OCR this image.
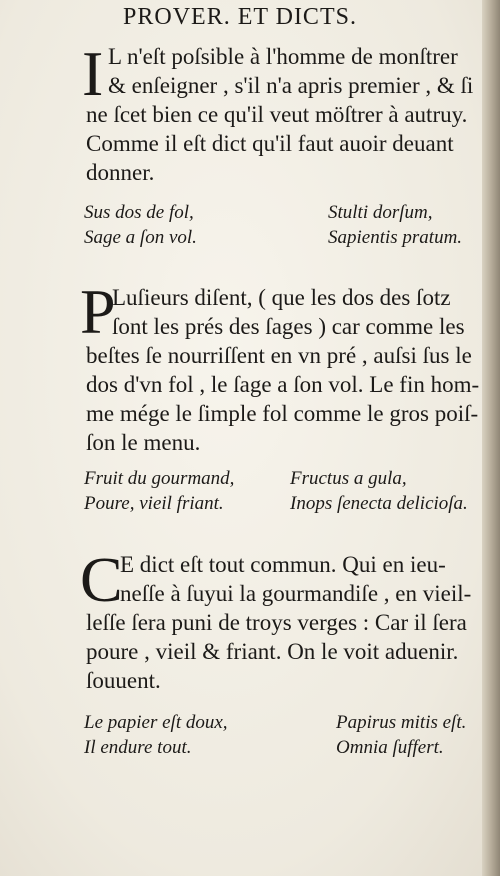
PROVER. ET DICTS.
I L n'eſt poſsible à l'homme de monſtrer
& enſeigner , s'il n'a apris premier , & ſi
ne ſcet bien ce qu'il veut möſtrer à autruy.
Comme il eſt dict qu'il faut auoir deuant
donner.
Sus dos de fol,
Sage a ſon vol.
Stulti dorſum,
Sapientis pratum.
P
Luſieurs diſent, ( que les dos des ſotz
ſont les prés des ſages ) car comme les
beſtes ſe nourriſſent en vn pré , auſsi ſus le
dos d'vn fol , le ſage a ſon vol. Le fin hom-
me mége le ſimple fol comme le gros poiſ-
ſon le menu.
Fruit du gourmand,
Poure, vieil friant.
Fructus a gula,
Inops ſenecta delicioſa.
C
E dict eſt tout commun. Qui en ieu-
neſſe à ſuyui la gourmandiſe , en vieil-
leſſe ſera puni de troys verges : Car il ſera
poure , vieil & friant. On le voit aduenir.
ſouuent.
Le papier eſt doux,
Il endure tout.
Papirus mitis eſt.
Omnia ſuffert.
